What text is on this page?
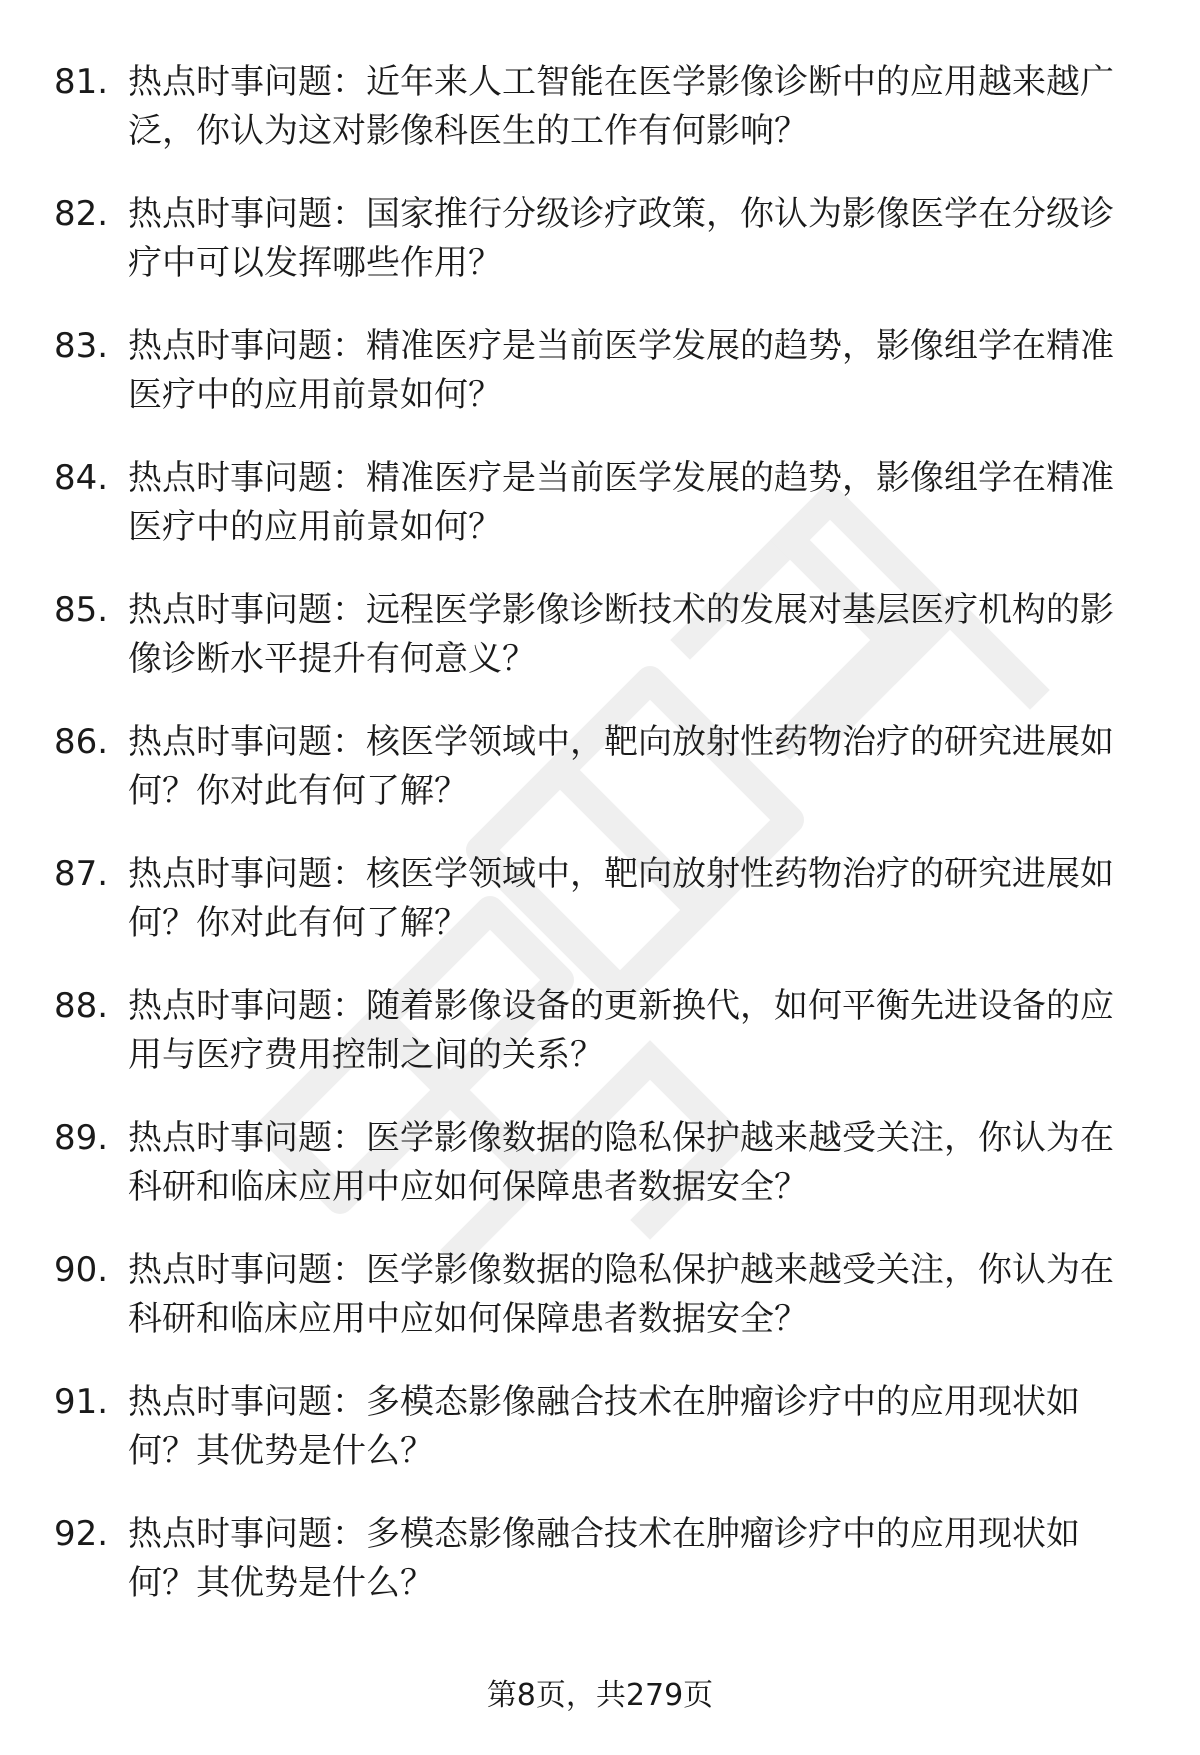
81. 热点时事问题：近年来人工智能在医学影像诊断中的应用越来越广泛，你认为这对影像科医生的工作有何影响？
82. 热点时事问题：国家推行分级诊疗政策，你认为影像医学在分级诊疗中可以发挥哪些作用？
83. 热点时事问题：精准医疗是当前医学发展的趋势，影像组学在精准医疗中的应用前景如何？
84. 热点时事问题：精准医疗是当前医学发展的趋势，影像组学在精准医疗中的应用前景如何？
85. 热点时事问题：远程医学影像诊断技术的发展对基层医疗机构的影像诊断水平提升有何意义？
86. 热点时事问题：核医学领域中，靶向放射性药物治疗的研究进展如何？你对此有何了解？
87. 热点时事问题：核医学领域中，靶向放射性药物治疗的研究进展如何？你对此有何了解？
88. 热点时事问题：随着影像设备的更新换代，如何平衡先进设备的应用与医疗费用控制之间的关系？
89. 热点时事问题：医学影像数据的隐私保护越来越受关注，你认为在科研和临床应用中应如何保障患者数据安全？
90. 热点时事问题：医学影像数据的隐私保护越来越受关注，你认为在科研和临床应用中应如何保障患者数据安全？
91. 热点时事问题：多模态影像融合技术在肿瘤诊疗中的应用现状如何？其优势是什么？
92. 热点时事问题：多模态影像融合技术在肿瘤诊疗中的应用现状如何？其优势是什么？
第8页，共279页
